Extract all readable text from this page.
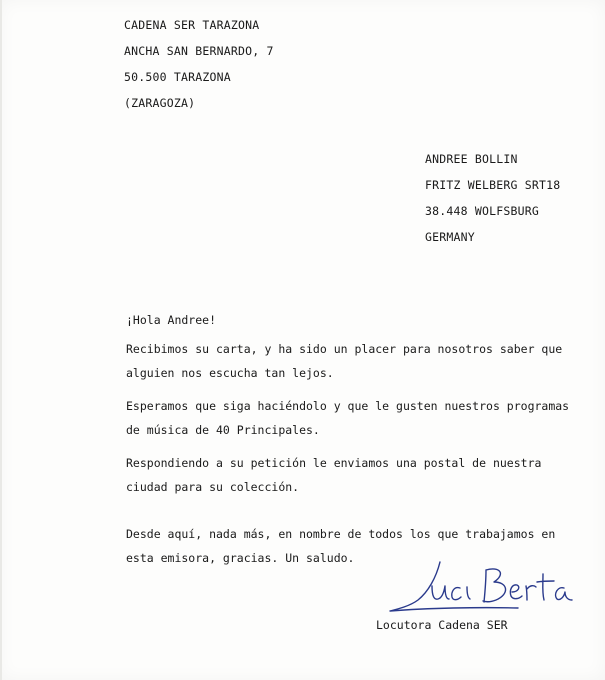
CADENA SER TARAZONA
ANCHA SAN BERNARDO, 7
50.500 TARAZONA
(ZARAGOZA)
ANDREE BOLLIN
FRITZ WELBERG SRT18
38.448 WOLFSBURG
GERMANY

¡Hola Andree!

Recibimos su carta, y ha sido un placer para nosotros saber que alguien nos escucha tan lejos.

Esperamos que siga haciéndolo y que le gusten nuestros programas de música de 40 Principales.

Respondiendo a su petición le enviamos una postal de nuestra ciudad para su colección.

Desde aquí, nada más, en nombre de todos los que trabajamos en esta emisora, gracias. Un saludo.

Locutora Cadena SER
